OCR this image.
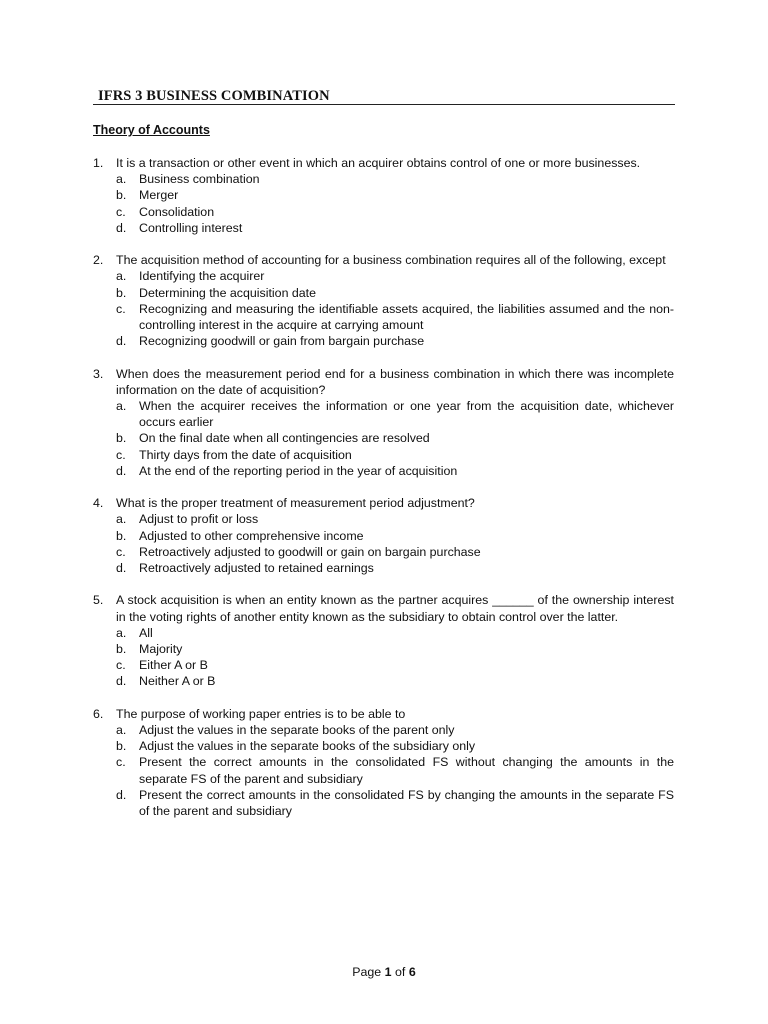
IFRS 3 BUSINESS COMBINATION
Theory of Accounts
1.	It is a transaction or other event in which an acquirer obtains control of one or more businesses.
a.	Business combination
b.	Merger
c.	Consolidation
d.	Controlling interest
2.	The acquisition method of accounting for a business combination requires all of the following, except
a.	Identifying the acquirer
b.	Determining the acquisition date
c.	Recognizing and measuring the identifiable assets acquired, the liabilities assumed and the non-controlling interest in the acquire at carrying amount
d.	Recognizing goodwill or gain from bargain purchase
3.	When does the measurement period end for a business combination in which there was incomplete information on the date of acquisition?
a.	When the acquirer receives the information or one year from the acquisition date, whichever occurs earlier
b.	On the final date when all contingencies are resolved
c.	Thirty days from the date of acquisition
d.	At the end of the reporting period in the year of acquisition
4.	What is the proper treatment of measurement period adjustment?
a.	Adjust to profit or loss
b.	Adjusted to other comprehensive income
c.	Retroactively adjusted to goodwill or gain on bargain purchase
d.	Retroactively adjusted to retained earnings
5.	A stock acquisition is when an entity known as the partner acquires ______ of the ownership interest in the voting rights of another entity known as the subsidiary to obtain control over the latter.
a.	All
b.	Majority
c.	Either A or B
d.	Neither A or B
6.	The purpose of working paper entries is to be able to
a.	Adjust the values in the separate books of the parent only
b.	Adjust the values in the separate books of the subsidiary only
c.	Present the correct amounts in the consolidated FS without changing the amounts in the separate FS of the parent and subsidiary
d.	Present the correct amounts in the consolidated FS by changing the amounts in the separate FS of the parent and subsidiary
Page 1 of 6
